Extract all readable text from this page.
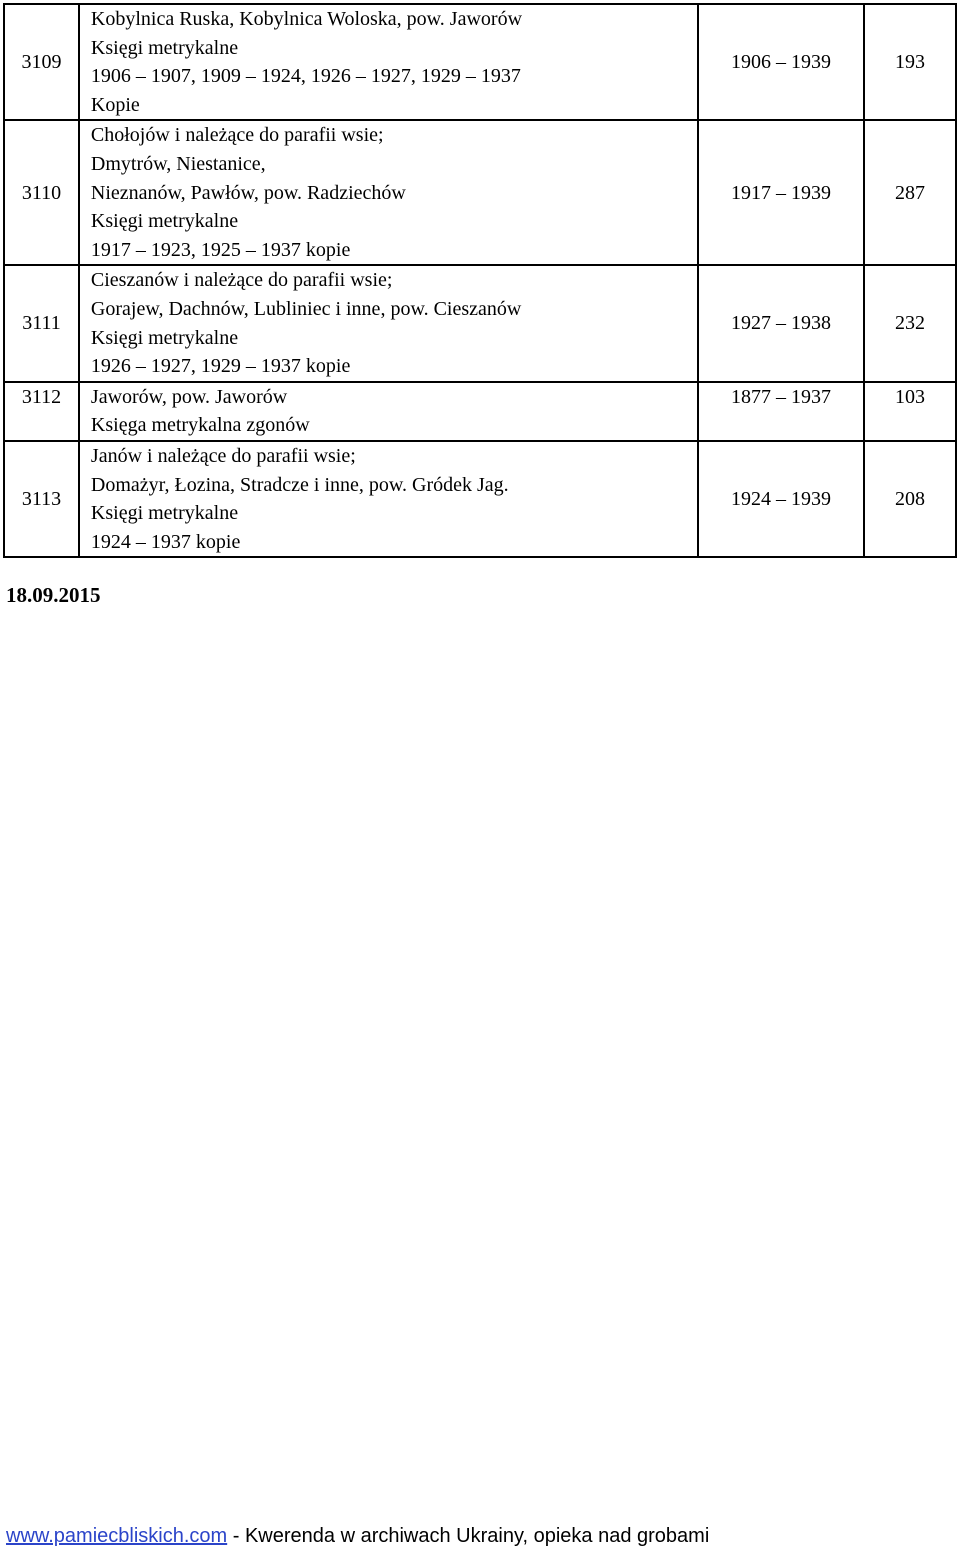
3109	Kobylnica Ruska, Kobylnica Woloska, pow. Jaworów
Księgi metrykalne
1906 – 1907, 1909 – 1924, 1926 – 1927, 1929 – 1937
Kopie	1906 – 1939	193
3110	Chołojów i należące do parafii wsie;
Dmytrów, Niestanice,
Nieznanów, Pawłów, pow. Radziechów
Księgi metrykalne
1917 – 1923, 1925 – 1937 kopie	1917 – 1939	287
3111	Cieszanów i należące do parafii wsie;
Gorajew, Dachnów, Lubliniec i inne, pow. Cieszanów
Księgi metrykalne
1926 – 1927, 1929 – 1937 kopie	1927 – 1938	232
3112	Jaworów, pow. Jaworów
Księga metrykalna zgonów	1877 – 1937	103
3113	Janów i należące do parafii wsie;
Domażyr, Łozina, Stradcze i inne, pow. Gródek Jag.
Księgi metrykalne
1924 – 1937 kopie	1924 – 1939	208
18.09.2015
www.pamiecbliskich.com - Kwerenda w archiwach Ukrainy, opieka nad grobami
